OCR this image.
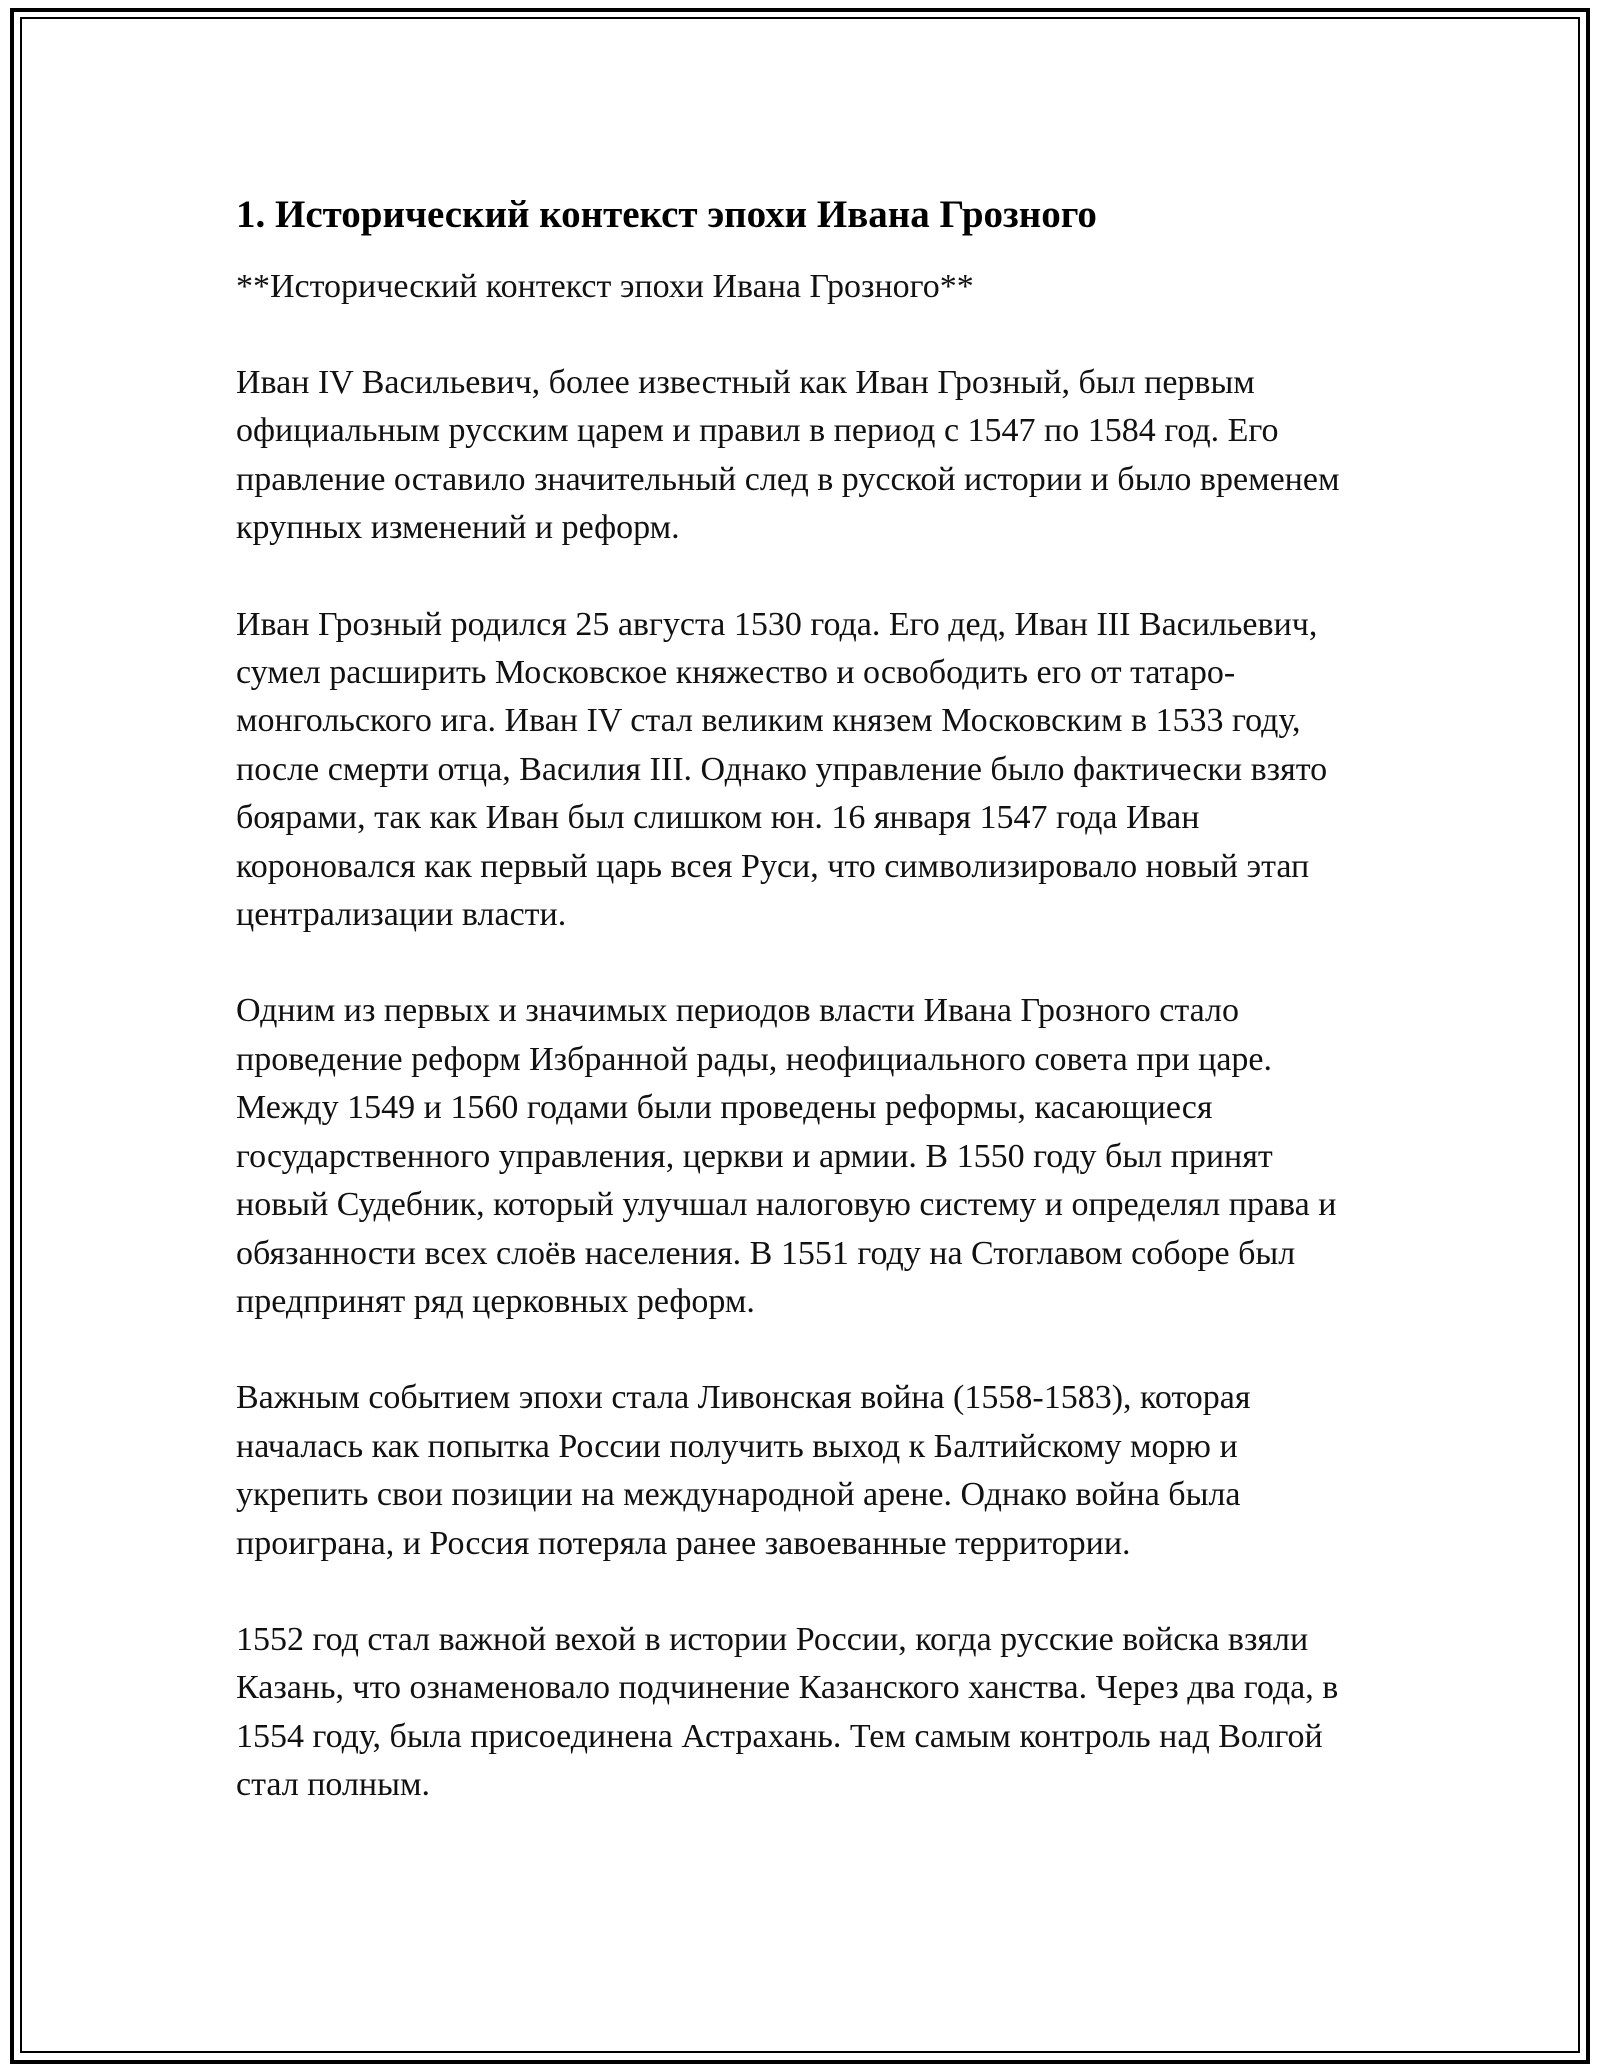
1. Исторический контекст эпохи Ивана Грозного

**Исторический контекст эпохи Ивана Грозного**

Иван IV Васильевич, более известный как Иван Грозный, был первым официальным русским царем и правил в период с 1547 по 1584 год. Его правление оставило значительный след в русской истории и было временем крупных изменений и реформ.

Иван Грозный родился 25 августа 1530 года. Его дед, Иван III Васильевич, сумел расширить Московское княжество и освободить его от татаро-монгольского ига. Иван IV стал великим князем Московским в 1533 году, после смерти отца, Василия III. Однако управление было фактически взято боярами, так как Иван был слишком юн. 16 января 1547 года Иван короновался как первый царь всея Руси, что символизировало новый этап централизации власти.

Одним из первых и значимых периодов власти Ивана Грозного стало проведение реформ Избранной рады, неофициального совета при царе. Между 1549 и 1560 годами были проведены реформы, касающиеся государственного управления, церкви и армии. В 1550 году был принят новый Судебник, который улучшал налоговую систему и определял права и обязанности всех слоёв населения. В 1551 году на Стоглавом соборе был предпринят ряд церковных реформ.

Важным событием эпохи стала Ливонская война (1558-1583), которая началась как попытка России получить выход к Балтийскому морю и укрепить свои позиции на международной арене. Однако война была проиграна, и Россия потеряла ранее завоеванные территории.

1552 год стал важной вехой в истории России, когда русские войска взяли Казань, что ознаменовало подчинение Казанского ханства. Через два года, в 1554 году, была присоединена Астрахань. Тем самым контроль над Волгой стал полным.
